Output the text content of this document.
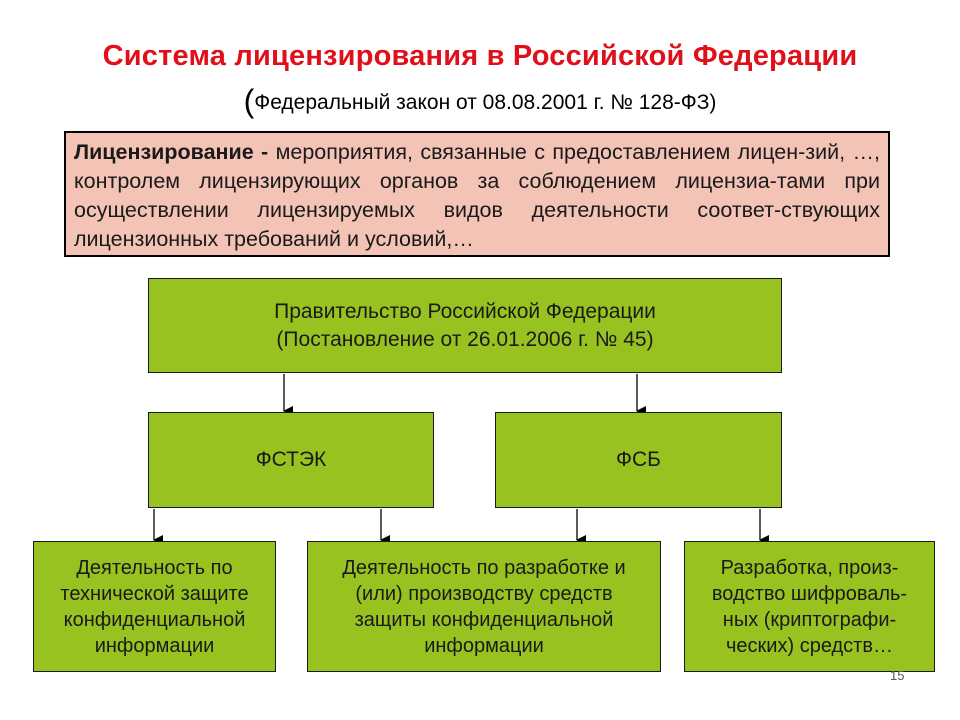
Система лицензирования в Российской Федерации
(Федеральный закон от 08.08.2001 г. № 128-ФЗ)
Лицензирование - мероприятия, связанные с предоставлением лицен-зий, …, контролем лицензирующих органов за соблюдением лицензиа-тами при осуществлении лицензируемых видов деятельности соответ-ствующих лицензионных требований и условий,…
Правительство Российской Федерации
(Постановление от 26.01.2006 г. № 45)
ФСТЭК	ФСБ
Деятельность по технической защите конфиденциальной информации
Деятельность по разработке и (или) производству средств защиты конфиденциальной информации
Разработка, произ-водство шифроваль-ных (криптографи-ческих) средств…
15
